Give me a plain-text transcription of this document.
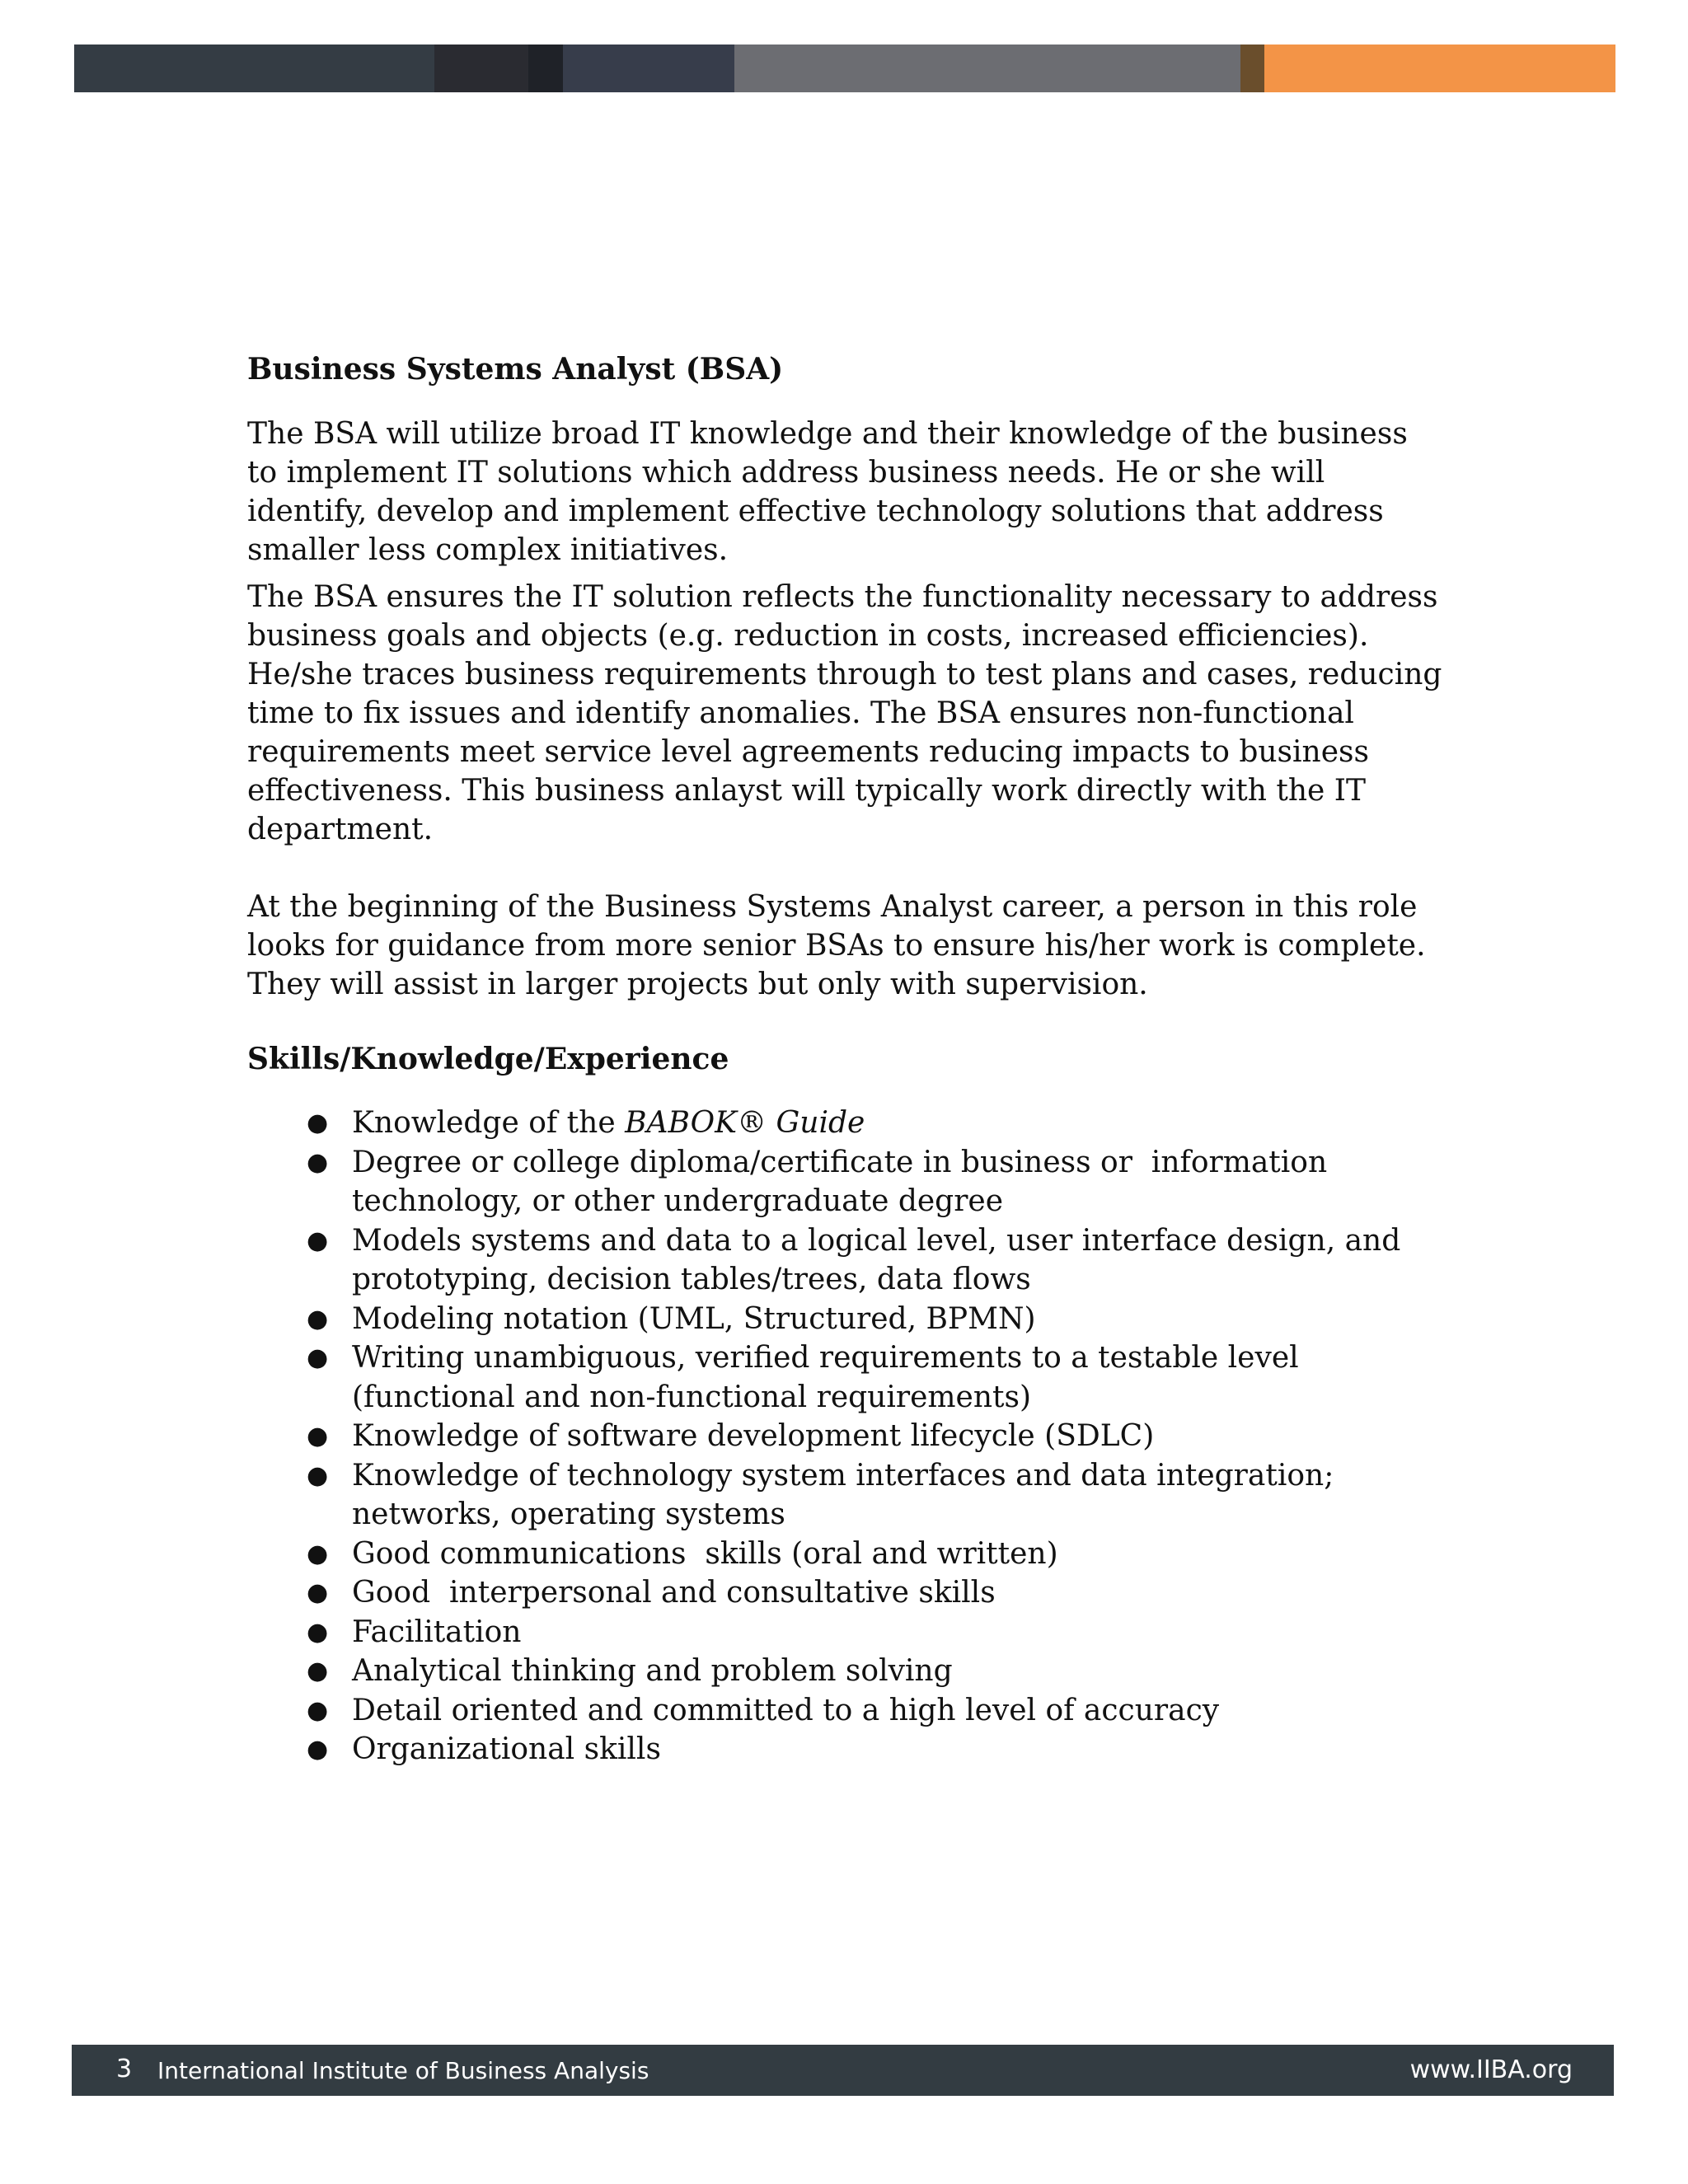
Business Systems Analyst (BSA)

The BSA will utilize broad IT knowledge and their knowledge of the business to implement IT solutions which address business needs. He or she will identify, develop and implement effective technology solutions that address smaller less complex initiatives.

The BSA ensures the IT solution reflects the functionality necessary to address business goals and objects (e.g. reduction in costs, increased efficiencies). He/she traces business requirements through to test plans and cases, reducing time to fix issues and identify anomalies. The BSA ensures non-functional requirements meet service level agreements reducing impacts to business effectiveness. This business anlayst will typically work directly with the IT department.

At the beginning of the Business Systems Analyst career, a person in this role looks for guidance from more senior BSAs to ensure his/her work is complete. They will assist in larger projects but only with supervision.

Skills/Knowledge/Experience
● Knowledge of the BABOK® Guide
● Degree or college diploma/certificate in business or  information technology, or other undergraduate degree
● Models systems and data to a logical level, user interface design, and prototyping, decision tables/trees, data flows
● Modeling notation (UML, Structured, BPMN)
● Writing unambiguous, verified requirements to a testable level (functional and non-functional requirements)
● Knowledge of software development lifecycle (SDLC)
● Knowledge of technology system interfaces and data integration; networks, operating systems
● Good communications  skills (oral and written)
● Good  interpersonal and consultative skills
● Facilitation
● Analytical thinking and problem solving
● Detail oriented and committed to a high level of accuracy
● Organizational skills
3 International Institute of Business Analysis	www.IIBA.org
